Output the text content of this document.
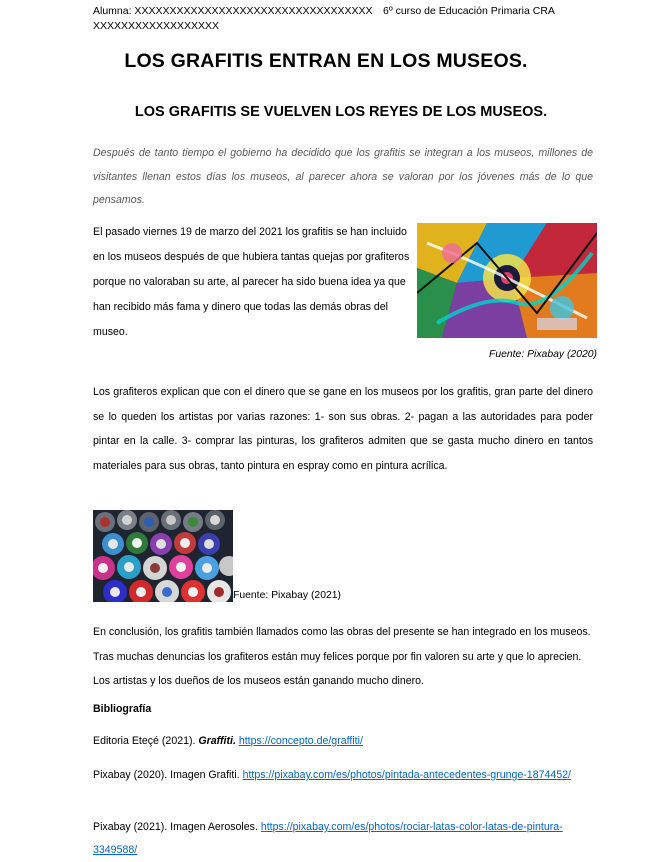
Alumna: XXXXXXXXXXXXXXXXXXXXXXXXXXXXXXXXXX 6º curso de Educación Primaria CRA
XXXXXXXXXXXXXXXXXX
LOS GRAFITIS ENTRAN EN LOS MUSEOS.
LOS GRAFITIS SE VUELVEN LOS REYES DE LOS MUSEOS.

Después de tanto tiempo el gobierno ha decidido que los grafitis se integran a los museos, millones de visitantes llenan estos días los museos, al parecer ahora se valoran por los jóvenes más de lo que pensamos.

El pasado viernes 19 de marzo del 2021 los grafitis se han incluido en los museos después de que hubiera tantas quejas por grafiteros porque no valoraban su arte, al parecer ha sido buena idea ya que han recibido más fama y dinero que todas las demás obras del museo.

Fuente: Pixabay (2020)

Los grafiteros explican que con el dinero que se gane en los museos por los grafitis, gran parte del dinero se lo queden los artistas por varias razones: 1- son sus obras. 2- pagan a las autoridades para poder pintar en la calle. 3- comprar las pinturas, los grafiteros admiten que se gasta mucho dinero en tantos materiales para sus obras, tanto pintura en espray como en pintura acrílica.

Fuente: Pixabay (2021)

En conclusión, los grafitis también llamados como las obras del presente se han integrado en los museos. Tras muchas denuncias los grafiteros están muy felices porque por fin valoren su arte y que lo aprecien. Los artistas y los dueños de los museos están ganando mucho dinero.

Bibliografía

Editoria Eteçé (2021). Graffiti. https://concepto.de/graffiti/

Pixabay (2020). Imagen Grafiti. https://pixabay.com/es/photos/pintada-antecedentes-grunge-1874452/

Pixabay (2021). Imagen Aerosoles. https://pixabay.com/es/photos/rociar-latas-color-latas-de-pintura-3349588/
